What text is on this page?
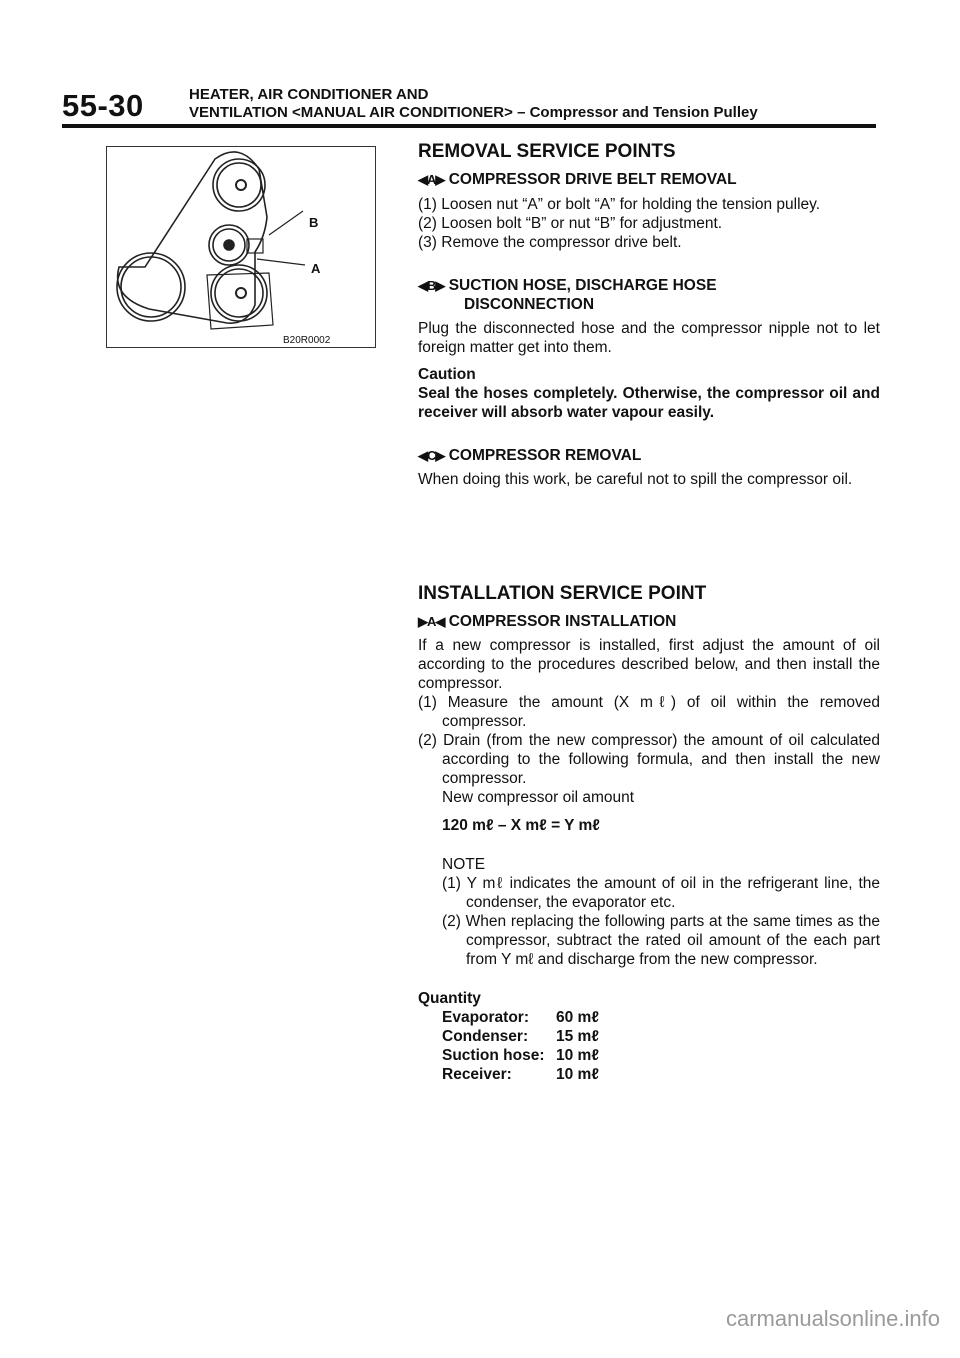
55-30	HEATER, AIR CONDITIONER AND
VENTILATION <MANUAL AIR CONDITIONER> – Compressor and Tension Pulley
B
A
B20R0002

REMOVAL SERVICE POINTS

◀A▶ COMPRESSOR DRIVE BELT REMOVAL

(1) Loosen nut “A” or bolt “A” for holding the tension pulley.

(2) Loosen bolt “B” or nut “B” for adjustment.

(3) Remove the compressor drive belt.

◀B▶ SUCTION HOSE, DISCHARGE HOSE

DISCONNECTION

Plug the disconnected hose and the compressor nipple not to let foreign matter get into them.

Caution

Seal the hoses completely. Otherwise, the compressor oil and receiver will absorb water vapour easily.

◀C▶ COMPRESSOR REMOVAL

When doing this work, be careful not to spill the compressor oil.

INSTALLATION SERVICE POINT

▶A◀ COMPRESSOR INSTALLATION

If a new compressor is installed, first adjust the amount of oil according to the procedures described below, and then install the compressor.

(1) Measure the amount (X mℓ) of oil within the removed compressor.

(2) Drain (from the new compressor) the amount of oil calculated according to the following formula, and then install the new compressor.

New compressor oil amount

120 mℓ – X mℓ = Y mℓ

NOTE

(1) Y mℓ indicates the amount of oil in the refrigerant line, the condenser, the evaporator etc.

(2) When replacing the following parts at the same times as the compressor, subtract the rated oil amount of the each part from Y mℓ and discharge from the new compressor.

Quantity

Evaporator:	60 mℓ
Condenser:	15 mℓ
Suction hose: 10 mℓ
Receiver:	10 mℓ
carmanualsonline.info
